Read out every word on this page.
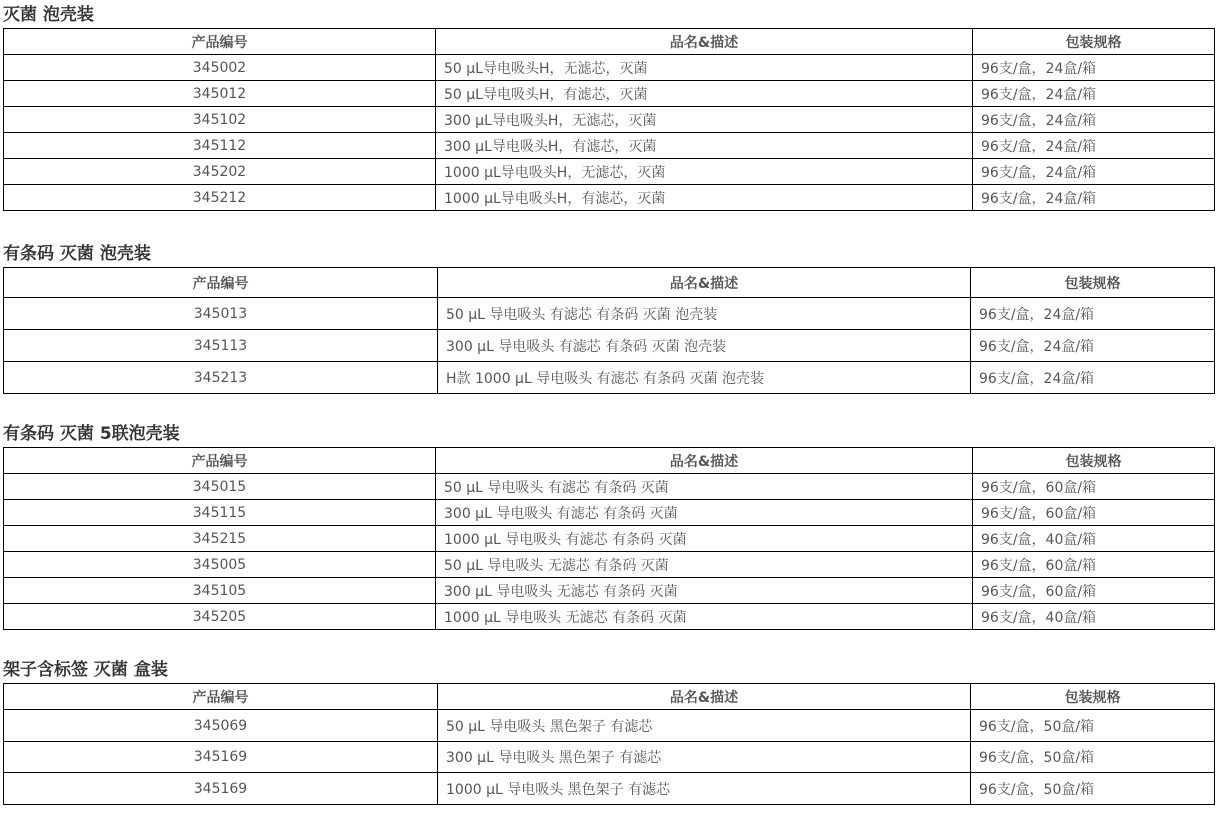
灭菌 泡壳装
产品编号	品名&描述	包装规格
345002	50 µL导电吸头H，无滤芯，灭菌	96支/盒，24盒/箱
345012	50 µL导电吸头H，有滤芯，灭菌	96支/盒，24盒/箱
345102	300 µL导电吸头H，无滤芯，灭菌	96支/盒，24盒/箱
345112	300 µL导电吸头H，有滤芯，灭菌	96支/盒，24盒/箱
345202	1000 µL导电吸头H，无滤芯，灭菌	96支/盒，24盒/箱
345212	1000 µL导电吸头H，有滤芯，灭菌	96支/盒，24盒/箱
有条码 灭菌 泡壳装
产品编号	品名&描述	包装规格
345013	50 µL 导电吸头 有滤芯 有条码 灭菌 泡壳装	96支/盒，24盒/箱
345113	300 µL 导电吸头 有滤芯 有条码 灭菌 泡壳装	96支/盒，24盒/箱
345213	H款 1000 µL 导电吸头 有滤芯 有条码 灭菌 泡壳装	96支/盒，24盒/箱
有条码 灭菌 5联泡壳装
产品编号	品名&描述	包装规格
345015	50 µL 导电吸头 有滤芯 有条码 灭菌	96支/盒，60盒/箱
345115	300 µL 导电吸头 有滤芯 有条码 灭菌	96支/盒，60盒/箱
345215	1000 µL 导电吸头 有滤芯 有条码 灭菌	96支/盒，40盒/箱
345005	50 µL 导电吸头 无滤芯 有条码 灭菌	96支/盒，60盒/箱
345105	300 µL 导电吸头 无滤芯 有条码 灭菌	96支/盒，60盒/箱
345205	1000 µL 导电吸头 无滤芯 有条码 灭菌	96支/盒，40盒/箱
架子含标签 灭菌 盒装
产品编号	品名&描述	包装规格
345069	50 µL 导电吸头 黑色架子 有滤芯	96支/盒，50盒/箱
345169	300 µL 导电吸头 黑色架子 有滤芯	96支/盒，50盒/箱
345169	1000 µL 导电吸头 黑色架子 有滤芯	96支/盒，50盒/箱
